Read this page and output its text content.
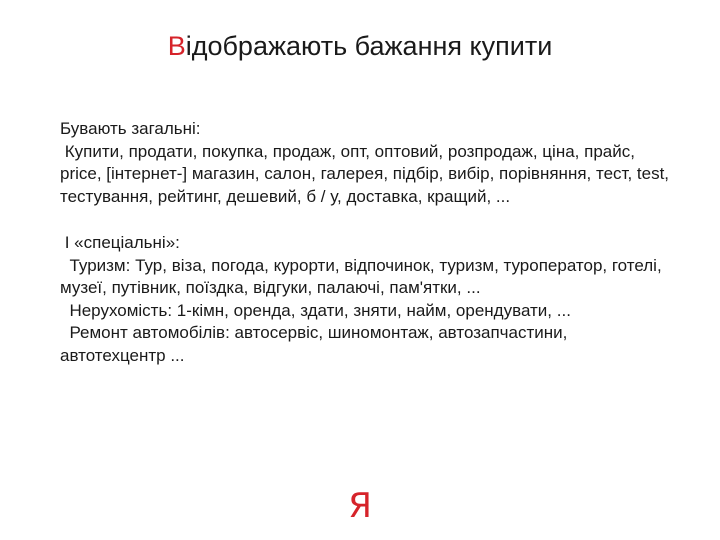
Відображають бажання купити

Бувають загальні:

Купити, продати, покупка, продаж, опт, оптовий, розпродаж, ціна, прайс, price, [інтернет-] магазин, салон, галерея, підбір, вибір, порівняння, тест, test, тестування, рейтинг, дешевий, б / у, доставка, кращий, ...

І «спеціальні»:

Туризм: Тур, віза, погода, курорти, відпочинок, туризм, туроператор, готелі, музеї, путівник, поїздка, відгуки, палаючі, пам'ятки, ...

Нерухомість: 1-кімн, оренда, здати, зняти, найм, орендувати, ...

Ремонт автомобілів: автосервіс, шиномонтаж, автозапчастини, автотехцентр ...

Я
